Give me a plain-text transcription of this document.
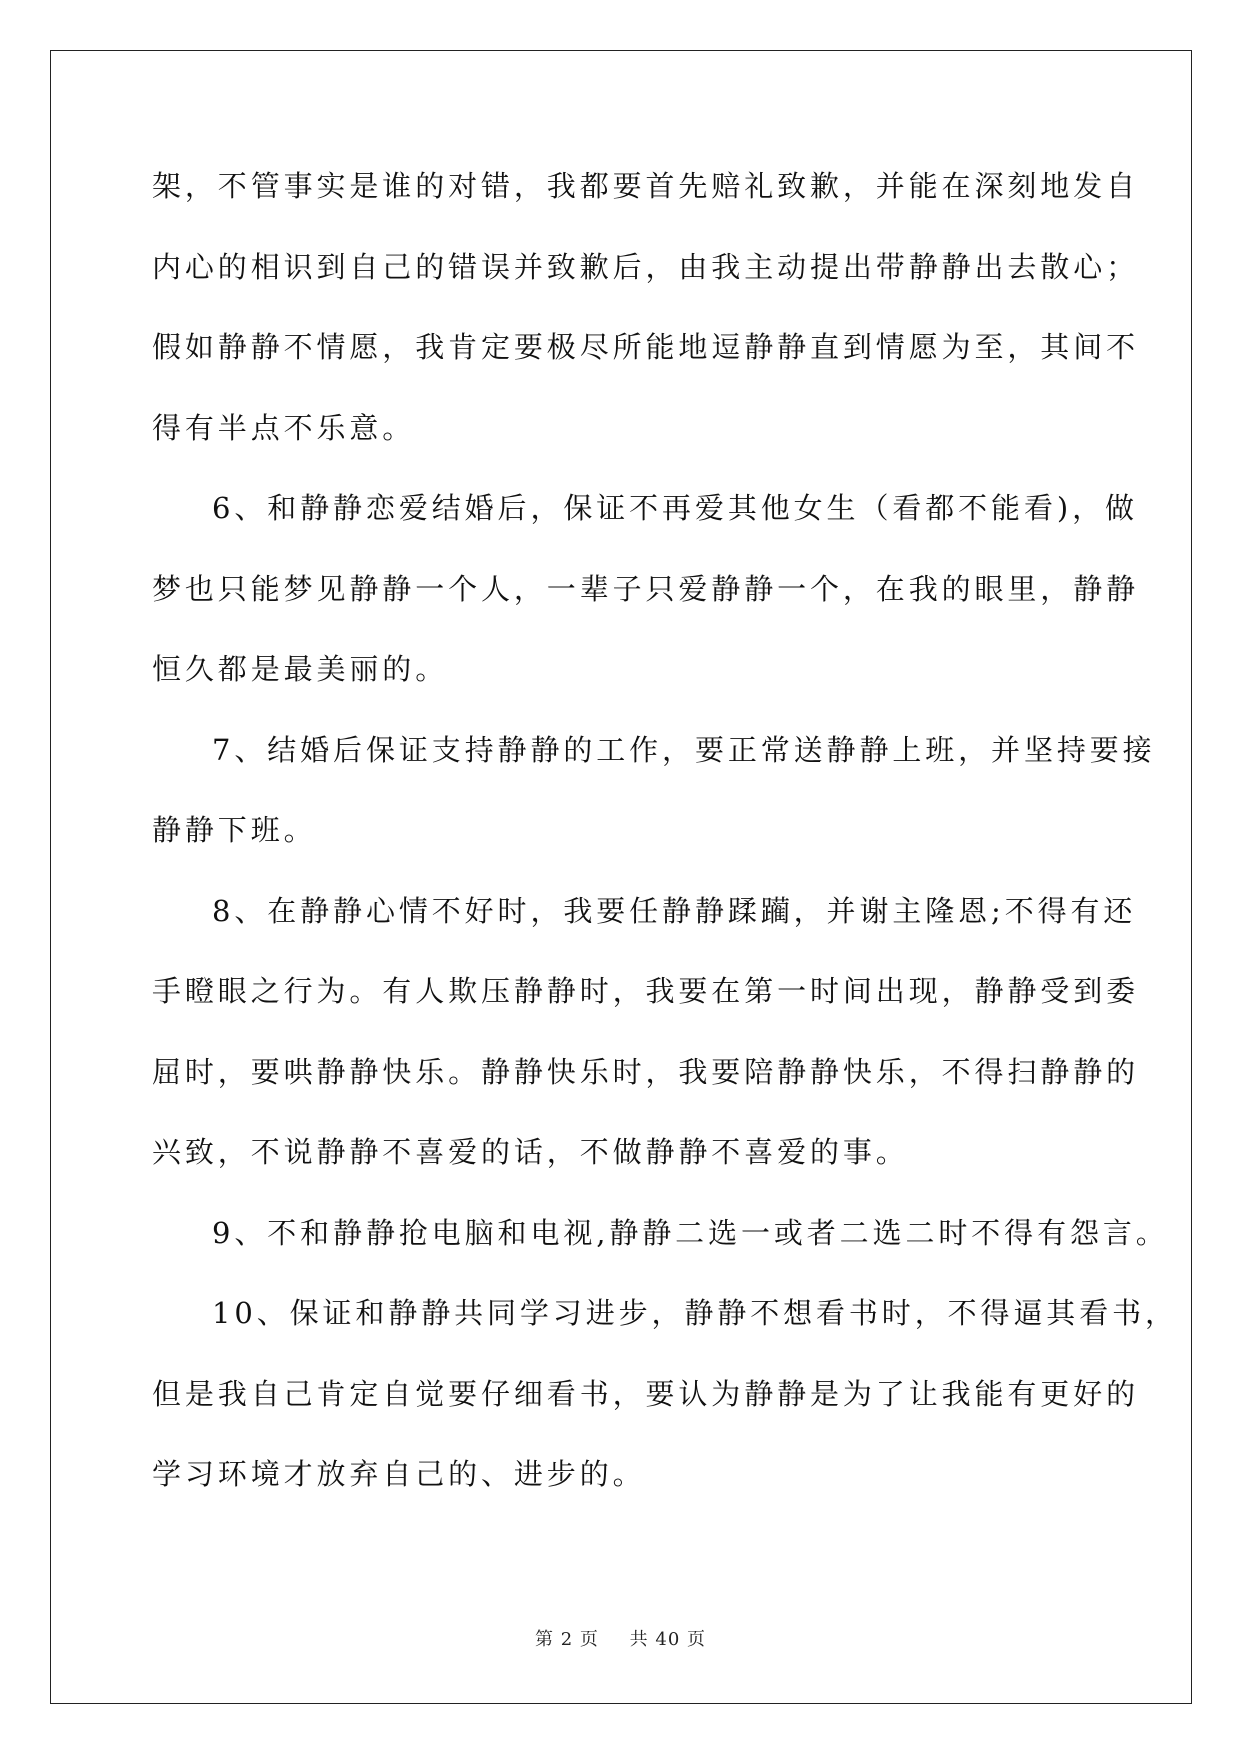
架，不管事实是谁的对错，我都要首先赔礼致歉，并能在深刻地发自
内心的相识到自己的错误并致歉后，由我主动提出带静静出去散心；
假如静静不情愿，我肯定要极尽所能地逗静静直到情愿为至，其间不
得有半点不乐意。
6、和静静恋爱结婚后，保证不再爱其他女生（看都不能看)，做
梦也只能梦见静静一个人，一辈子只爱静静一个，在我的眼里，静静
恒久都是最美丽的。
7、结婚后保证支持静静的工作，要正常送静静上班，并坚持要接
静静下班。
8、在静静心情不好时，我要任静静蹂躏，并谢主隆恩;不得有还
手瞪眼之行为。有人欺压静静时，我要在第一时间出现，静静受到委
屈时，要哄静静快乐。静静快乐时，我要陪静静快乐，不得扫静静的
兴致，不说静静不喜爱的话，不做静静不喜爱的事。
9、不和静静抢电脑和电视,静静二选一或者二选二时不得有怨言。
10、保证和静静共同学习进步，静静不想看书时，不得逼其看书，
但是我自己肯定自觉要仔细看书，要认为静静是为了让我能有更好的
学习环境才放弃自己的、进步的。
第 2 页 共 40 页
